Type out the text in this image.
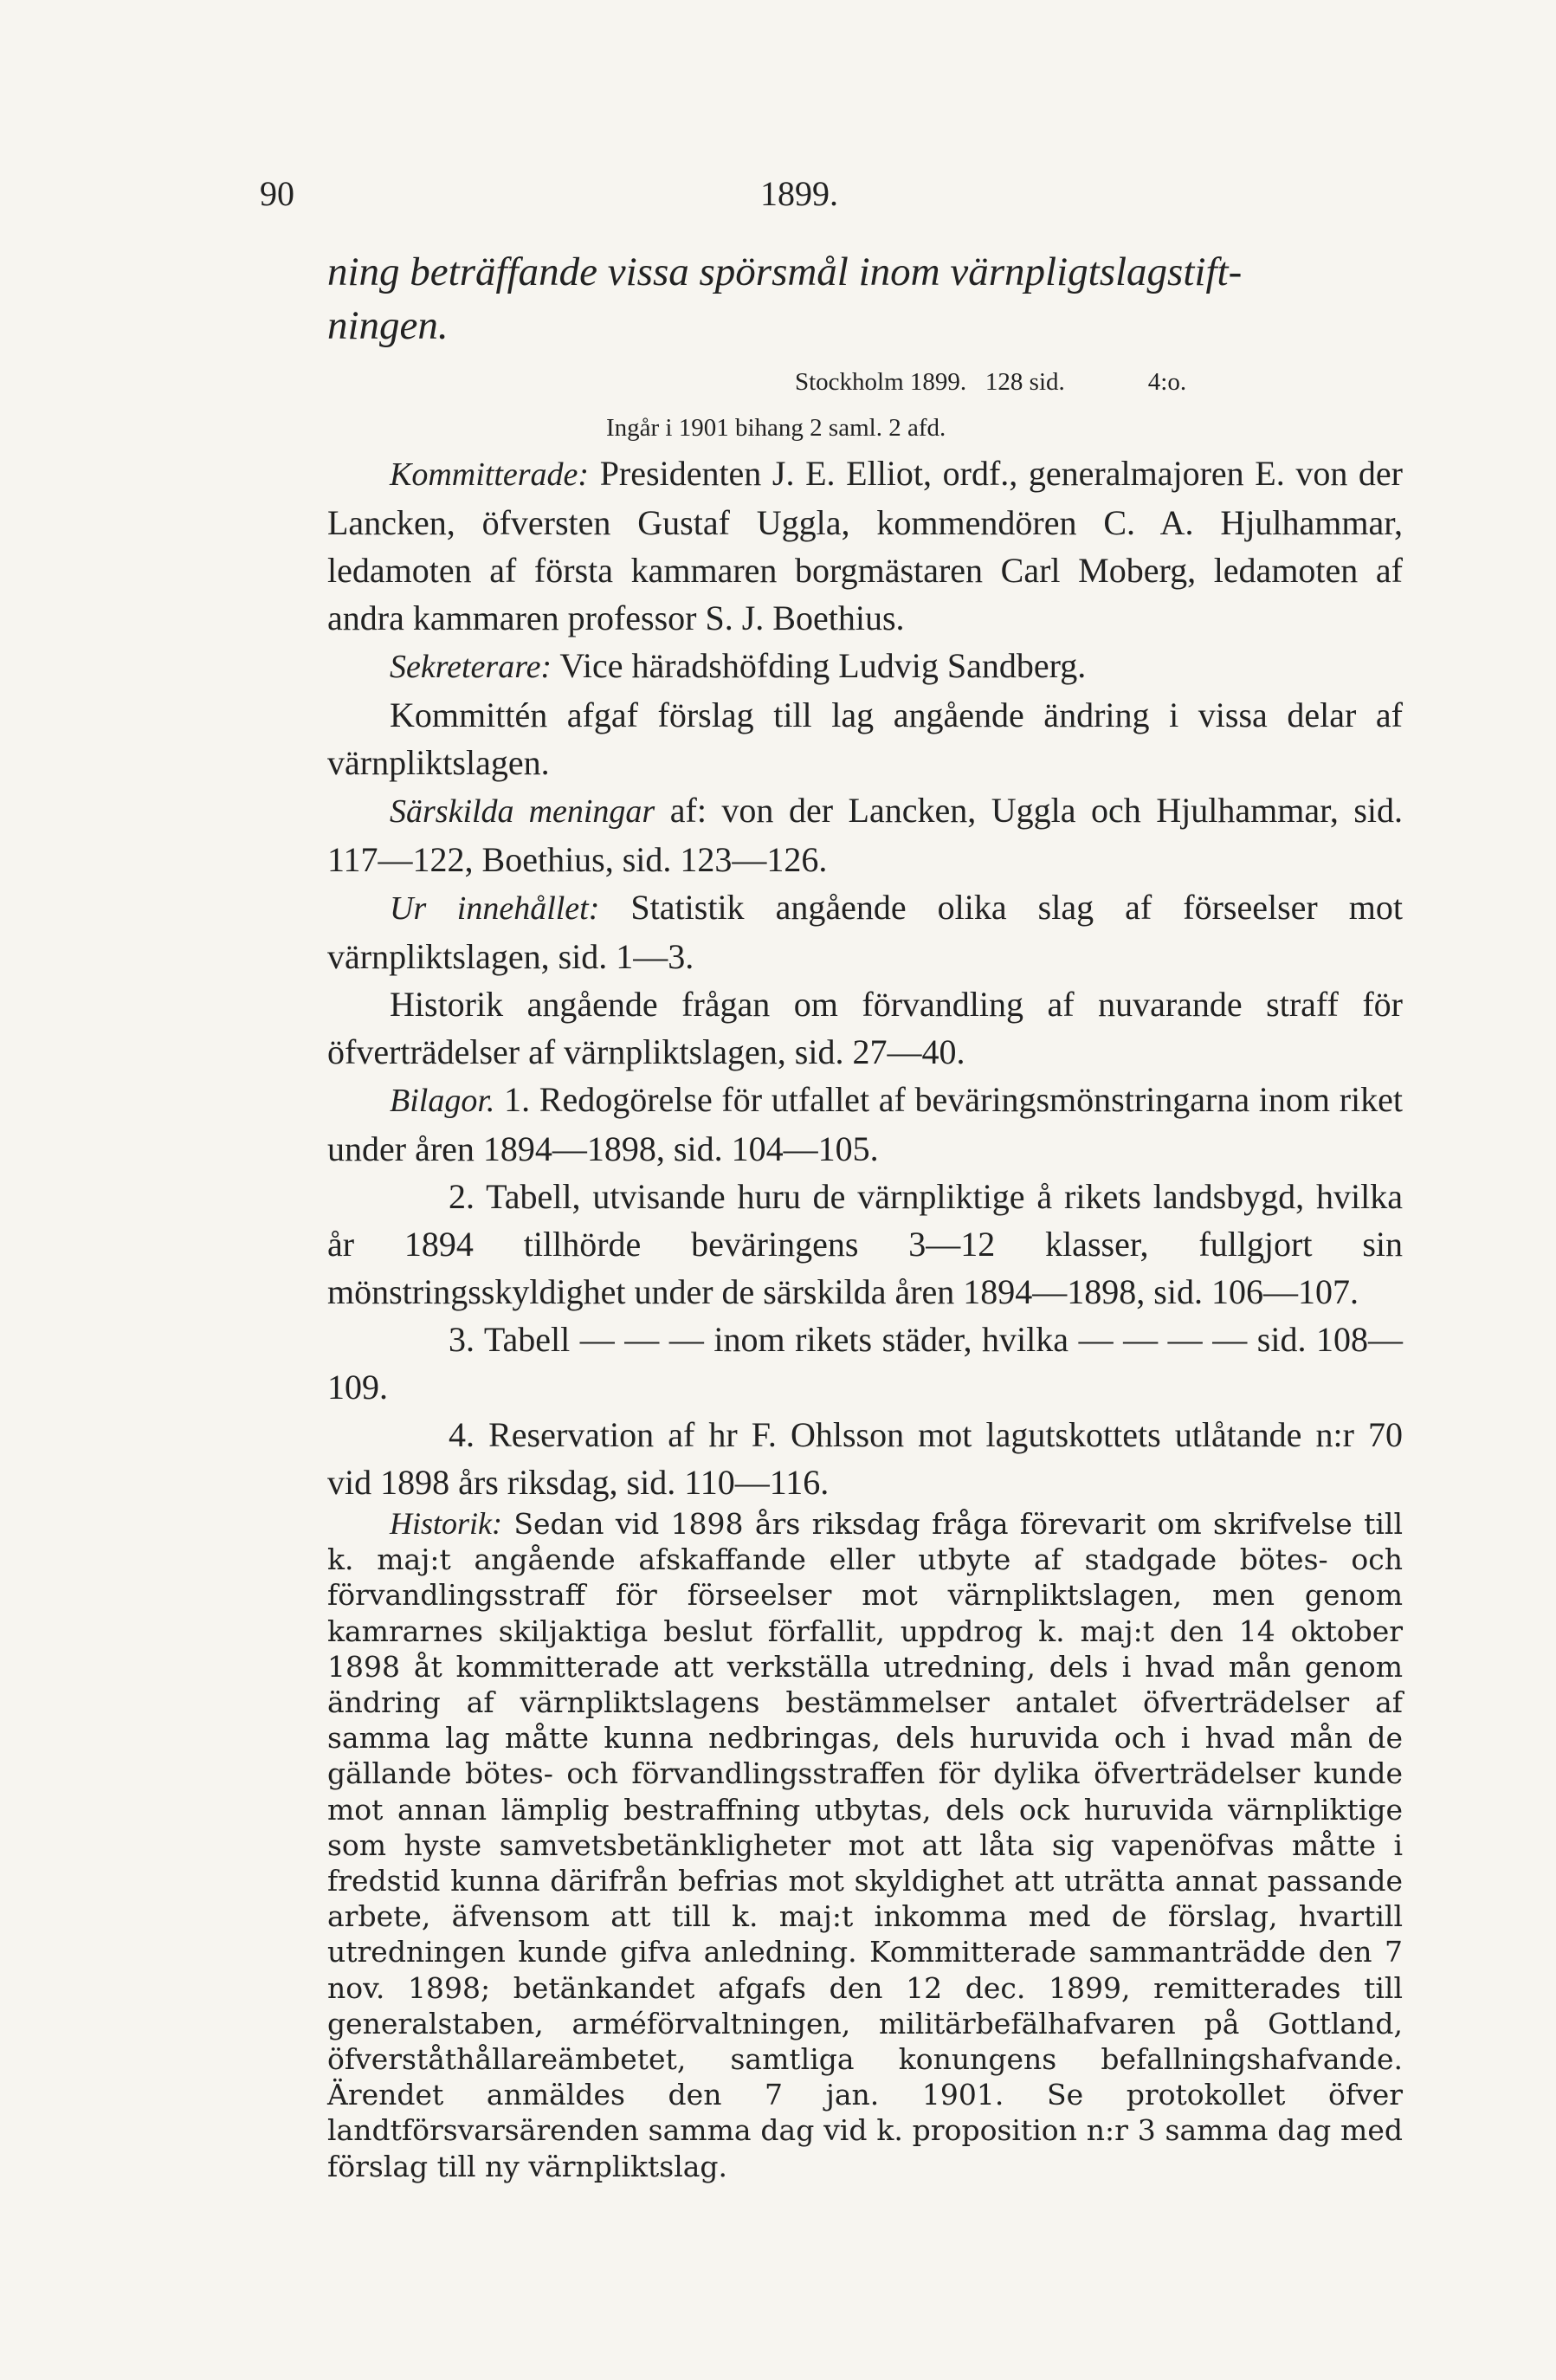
90	1899.
ning beträffande vissa spörsmål inom värnpligtslagstift-
ningen.
Stockholm 1899.   128 sid.	4:o.
Ingår i 1901 bihang 2 saml. 2 afd.

Kommitterade: Presidenten J. E. Elliot, ordf., generalmajoren E. von der Lancken, öfversten Gustaf Uggla, kommendören C. A. Hjulhammar, ledamoten af första kammaren borgmästaren Carl Moberg, ledamoten af andra kammaren professor S. J. Boethius.

Sekreterare: Vice häradshöfding Ludvig Sandberg.

Kommittén afgaf förslag till lag angående ändring i vissa delar af värnpliktslagen.

Särskilda meningar af: von der Lancken, Uggla och Hjulhammar, sid. 117—122, Boethius, sid. 123—126.

Ur innehållet: Statistik angående olika slag af förseelser mot värnpliktslagen, sid. 1—3.

Historik angående frågan om förvandling af nuvarande straff för öfverträdelser af värnpliktslagen, sid. 27—40.

Bilagor. 1. Redogörelse för utfallet af beväringsmönstringarna inom riket under åren 1894—1898, sid. 104—105.

2. Tabell, utvisande huru de värnpliktige å rikets landsbygd, hvilka år 1894 tillhörde beväringens 3—12 klasser, fullgjort sin mönstringsskyldighet under de särskilda åren 1894—1898, sid. 106—107.

3. Tabell — — — inom rikets städer, hvilka — — — — sid. 108—109.

4. Reservation af hr F. Ohlsson mot lagutskottets utlåtande n:r 70 vid 1898 års riksdag, sid. 110—116.

Historik: Sedan vid 1898 års riksdag fråga förevarit om skrifvelse till k. maj:t angående afskaffande eller utbyte af stadgade bötes- och förvandlingsstraff för förseelser mot värnpliktslagen, men genom kamrarnes skiljaktiga beslut förfallit, uppdrog k. maj:t den 14 oktober 1898 åt kommitterade att verkställa utredning, dels i hvad mån genom ändring af värnpliktslagens bestämmelser antalet öfverträdelser af samma lag måtte kunna nedbringas, dels huruvida och i hvad mån de gällande bötes- och förvandlingsstraffen för dylika öfverträdelser kunde mot annan lämplig bestraffning utbytas, dels ock huruvida värnpliktige som hyste samvetsbetänkligheter mot att låta sig vapenöfvas måtte i fredstid kunna därifrån befrias mot skyldighet att uträtta annat passande arbete, äfvensom att till k. maj:t inkomma med de förslag, hvartill utredningen kunde gifva anledning. Kommitterade sammanträdde den 7 nov. 1898; betänkandet afgafs den 12 dec. 1899, remitterades till generalstaben, arméförvaltningen, militärbefälhafvaren på Gottland, öfverståthållareämbetet, samtliga konungens befallningshafvande. Ärendet anmäldes den 7 jan. 1901. Se protokollet öfver landtförsvarsärenden samma dag vid k. proposition n:r 3 samma dag med förslag till ny värnpliktslag.
